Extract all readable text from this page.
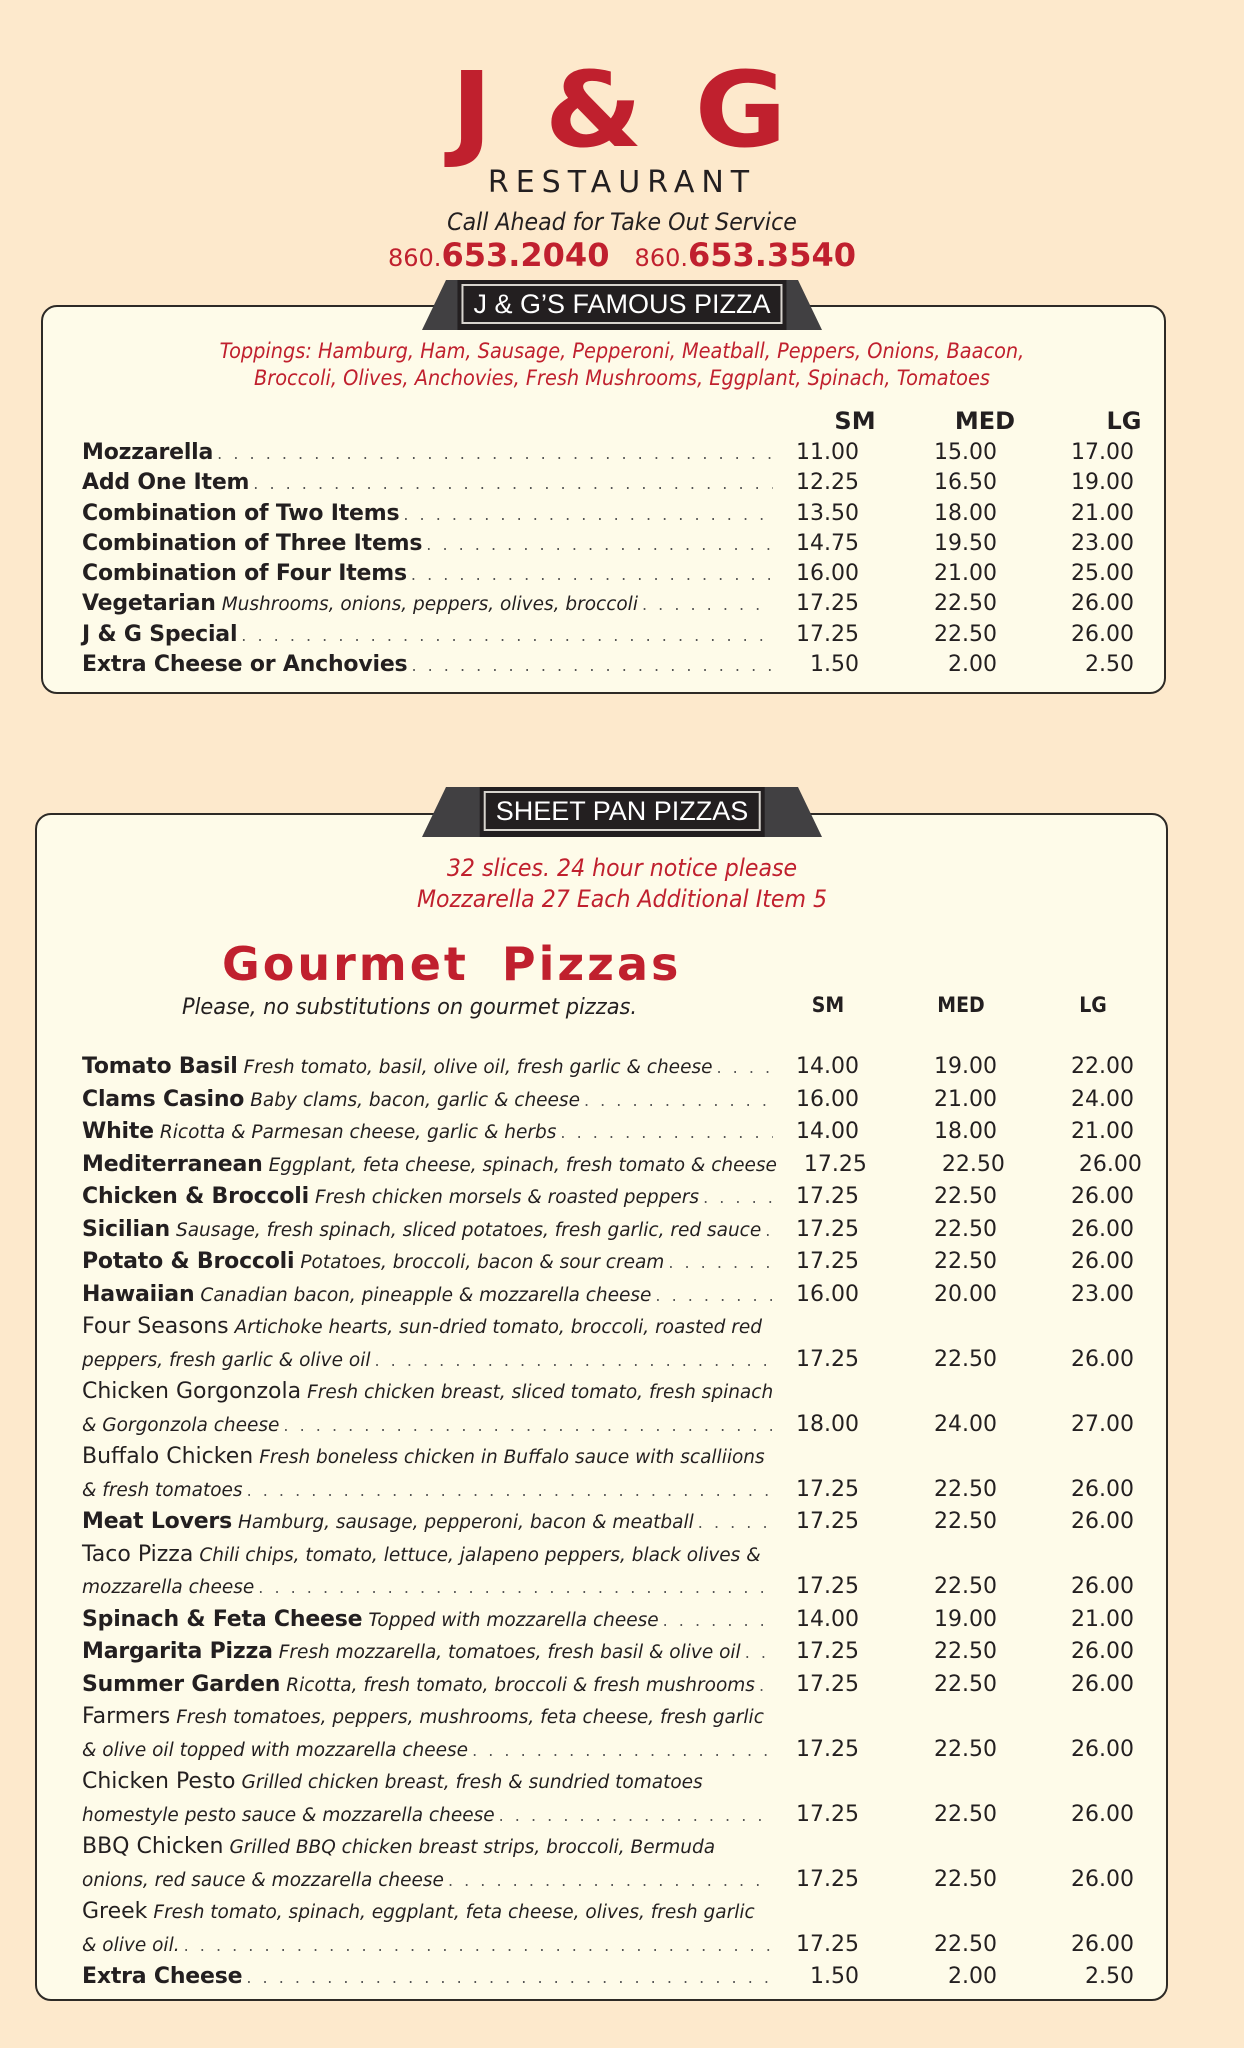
J & G
RESTAURANT
Call Ahead for Take Out Service
860.653.2040 860.653.3540
J & G’S FAMOUS PIZZA
Toppings: Hamburg, Ham, Sausage, Pepperoni, Meatball, Peppers, Onions, Baacon,
Broccoli, Olives, Anchovies, Fresh Mushrooms, Eggplant, Spinach, Tomatoes
SM	MED	LG
Mozzarella . . .	11.00	15.00	17.00
Add One Item . . .	12.25	16.50	19.00
Combination of Two Items . . .	13.50	18.00	21.00
Combination of Three Items . . .	14.75	19.50	23.00
Combination of Four Items . . .	16.00	21.00	25.00
Vegetarian Mushrooms, onions, peppers, olives, broccoli . . .	17.25	22.50	26.00
J & G Special . . .	17.25	22.50	26.00
Extra Cheese or Anchovies . . .	1.50	2.00	2.50
SHEET PAN PIZZAS
32 slices. 24 hour notice please
Mozzarella 27 Each Additional Item 5
Gourmet Pizzas
Please, no substitutions on gourmet pizzas.	SM	MED	LG
Tomato Basil Fresh tomato, basil, olive oil, fresh garlic & cheese . . .	14.00	19.00	22.00
Clams Casino Baby clams, bacon, garlic & cheese . . .	16.00	21.00	24.00
White Ricotta & Parmesan cheese, garlic & herbs . . .	14.00	18.00	21.00
Mediterranean Eggplant, feta cheese, spinach, fresh tomato & cheese	17.25	22.50	26.00
Chicken & Broccoli Fresh chicken morsels & roasted peppers . . .	17.25	22.50	26.00
Sicilian Sausage, fresh spinach, sliced potatoes, fresh garlic, red sauce . . .	17.25	22.50	26.00
Potato & Broccoli Potatoes, broccoli, bacon & sour cream . . .	17.25	22.50	26.00
Hawaiian Canadian bacon, pineapple & mozzarella cheese . . .	16.00	20.00	23.00
Four Seasons Artichoke hearts, sun-dried tomato, broccoli, roasted red
peppers, fresh garlic & olive oil . . .	17.25	22.50	26.00
Chicken Gorgonzola Fresh chicken breast, sliced tomato, fresh spinach
& Gorgonzola cheese . . .	18.00	24.00	27.00
Buffalo Chicken Fresh boneless chicken in Buffalo sauce with scalliions
& fresh tomatoes . . .	17.25	22.50	26.00
Meat Lovers Hamburg, sausage, pepperoni, bacon & meatball . . .	17.25	22.50	26.00
Taco Pizza Chili chips, tomato, lettuce, jalapeno peppers, black olives &
mozzarella cheese . . .	17.25	22.50	26.00
Spinach & Feta Cheese Topped with mozzarella cheese . . .	14.00	19.00	21.00
Margarita Pizza Fresh mozzarella, tomatoes, fresh basil & olive oil . . .	17.25	22.50	26.00
Summer Garden Ricotta, fresh tomato, broccoli & fresh mushrooms . . .	17.25	22.50	26.00
Farmers Fresh tomatoes, peppers, mushrooms, feta cheese, fresh garlic
& olive oil topped with mozzarella cheese . . .	17.25	22.50	26.00
Chicken Pesto Grilled chicken breast, fresh & sundried tomatoes
homestyle pesto sauce & mozzarella cheese . . .	17.25	22.50	26.00
BBQ Chicken Grilled BBQ chicken breast strips, broccoli, Bermuda
onions, red sauce & mozzarella cheese . . .	17.25	22.50	26.00
Greek Fresh tomato, spinach, eggplant, feta cheese, olives, fresh garlic
& olive oil. . . .	17.25	22.50	26.00
Extra Cheese . . .	1.50	2.00	2.50
